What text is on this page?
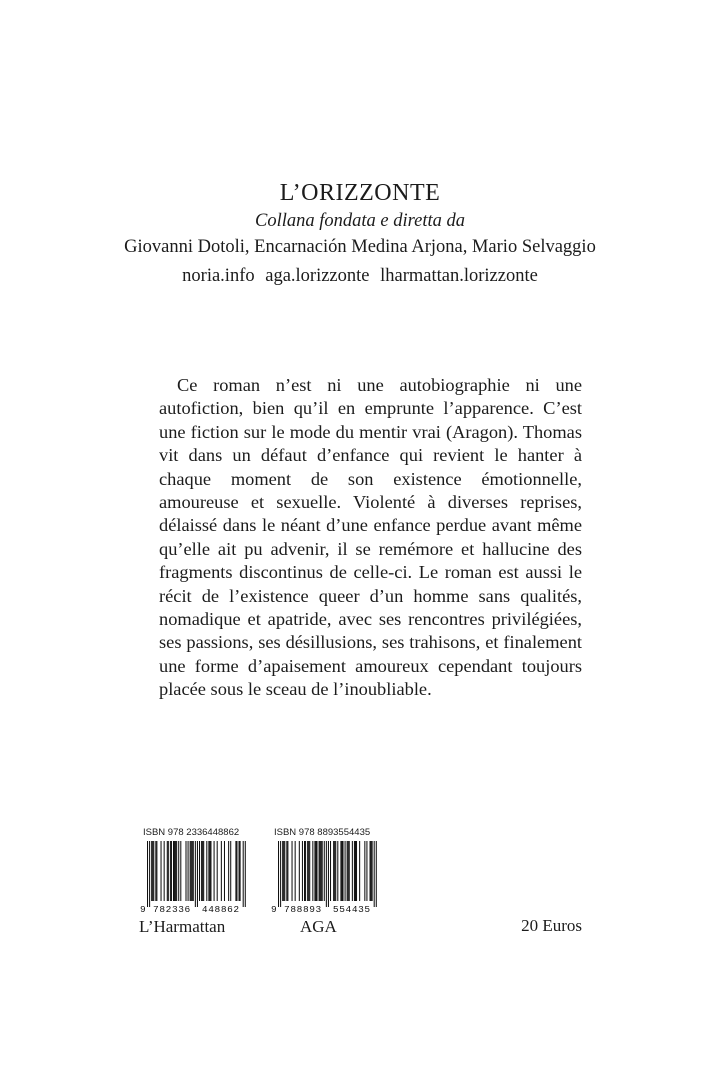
L’ORIZZONTE
Collana fondata e diretta da
Giovanni Dotoli, Encarnación Medina Arjona, Mario Selvaggio
noria.info aga.lorizzonte lharmattan.lorizzonte
Ce roman n’est ni une autobiographie ni une autofiction, bien qu’il en emprunte l’apparence. C’est une fiction sur le mode du mentir vrai (Aragon). Thomas vit dans un défaut d’enfance qui revient le hanter à chaque moment de son existence émotionnelle, amoureuse et sexuelle. Violenté à diverses reprises, délaissé dans le néant d’une enfance perdue avant même qu’elle ait pu advenir, il se remémore et hallucine des fragments discontinus de celle-ci. Le roman est aussi le récit de l’existence queer d’un homme sans qualités, nomadique et apatride, avec ses rencontres privilégiées, ses passions, ses désillusions, ses trahisons, et finalement une forme d’apaisement amoureux cependant toujours placée sous le sceau de l’inoubliable.
ISBN 978 2336448862
9 782336 448862
L’Harmattan
ISBN 978 8893554435
9 788893 554435
AGA	20 Euros
